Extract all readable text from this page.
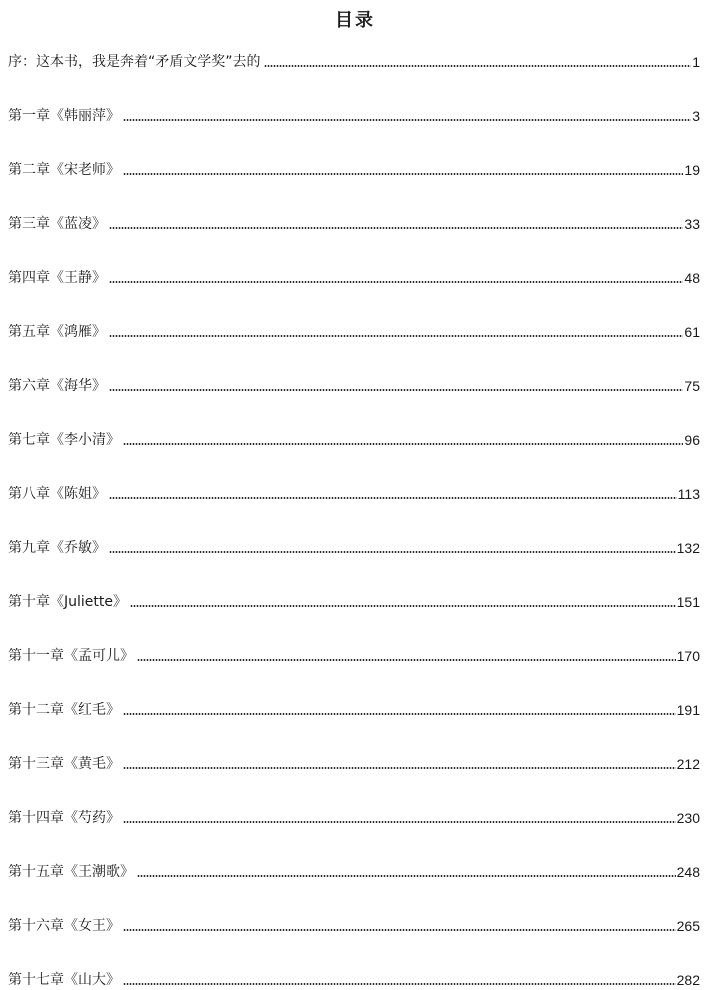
目录
序：这本书，我是奔着“矛盾文学奖”去的	1
第一章《韩丽萍》	3
第二章《宋老师》	19
第三章《蓝凌》	33
第四章《王静》	48
第五章《鸿雁》	61
第六章《海华》	75
第七章《李小清》	96
第八章《陈姐》	113
第九章《乔敏》	132
第十章《Juliette》	151
第十一章《孟可儿》	170
第十二章《红毛》	191
第十三章《黄毛》	212
第十四章《芍药》	230
第十五章《王潮歌》	248
第十六章《女王》	265
第十七章《山大》	282
